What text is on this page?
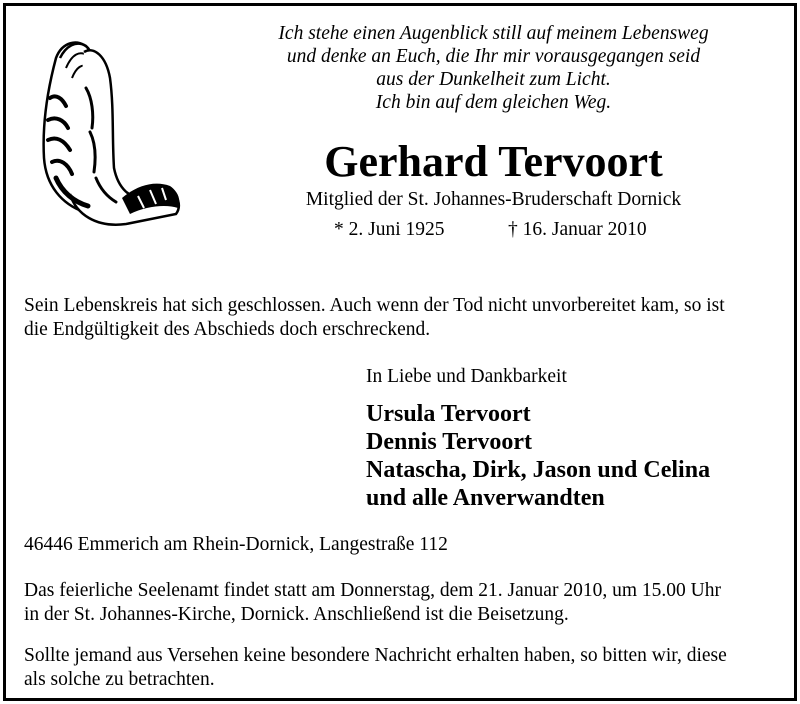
Ich stehe einen Augenblick still auf meinem Lebensweg
und denke an Euch, die Ihr mir vorausgegangen seid
aus der Dunkelheit zum Licht.
Ich bin auf dem gleichen Weg.
Gerhard Tervoort
Mitglied der St. Johannes-Bruderschaft Dornick
* 2. Juni 1925	† 16. Januar 2010
Sein Lebenskreis hat sich geschlossen. Auch wenn der Tod nicht unvorbereitet kam, so ist
die Endgültigkeit des Abschieds doch erschreckend.
In Liebe und Dankbarkeit
Ursula Tervoort
Dennis Tervoort
Natascha, Dirk, Jason und Celina
und alle Anverwandten
46446 Emmerich am Rhein-Dornick, Langestraße 112
Das feierliche Seelenamt findet statt am Donnerstag, dem 21. Januar 2010, um 15.00 Uhr
in der St. Johannes-Kirche, Dornick. Anschließend ist die Beisetzung.
Sollte jemand aus Versehen keine besondere Nachricht erhalten haben, so bitten wir, diese
als solche zu betrachten.
